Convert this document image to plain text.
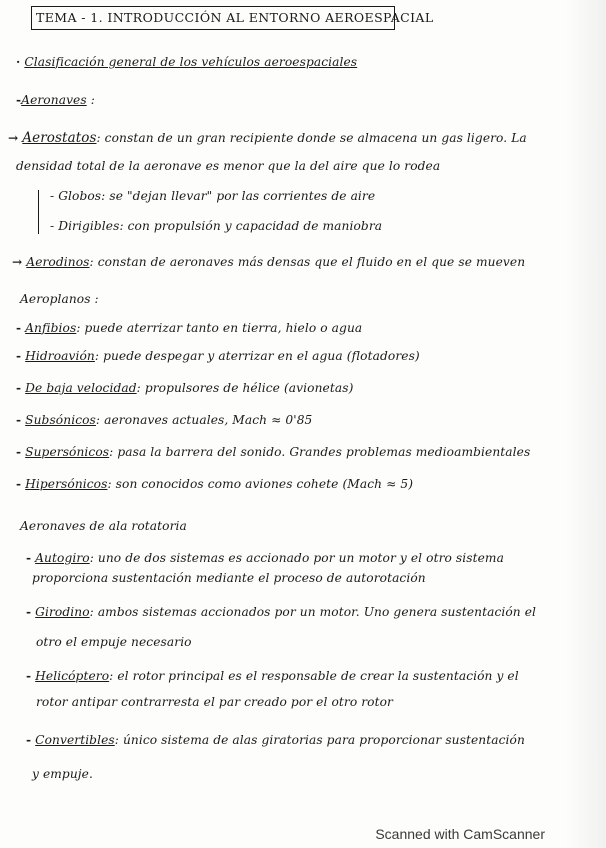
TEMA - 1. INTRODUCCIÓN AL ENTORNO AEROESPACIAL
· Clasificación general de los vehículos aeroespaciales
-Aeronaves :
→ Aerostatos: constan de un gran recipiente donde se almacena un gas ligero. La
densidad total de la aeronave es menor que la del aire que lo rodea
- Globos: se "dejan llevar" por las corrientes de aire
- Dirigibles: con propulsión y capacidad de maniobra
→ Aerodinos: constan de aeronaves más densas que el fluido en el que se mueven
Aeroplanos :
- Anfibios: puede aterrizar tanto en tierra, hielo o agua
- Hidroavión: puede despegar y aterrizar en el agua (flotadores)
- De baja velocidad: propulsores de hélice (avionetas)
- Subsónicos: aeronaves actuales, Mach ≈ 0'85
- Supersónicos: pasa la barrera del sonido. Grandes problemas medioambientales
- Hipersónicos: son conocidos como aviones cohete (Mach ≈ 5)
Aeronaves de ala rotatoria
- Autogiro: uno de dos sistemas es accionado por un motor y el otro sistema
proporciona sustentación mediante el proceso de autorotación
- Girodino: ambos sistemas accionados por un motor. Uno genera sustentación el
otro el empuje necesario
- Helicóptero: el rotor principal es el responsable de crear la sustentación y el
rotor antipar contrarresta el par creado por el otro rotor
- Convertibles: único sistema de alas giratorias para proporcionar sustentación
y empuje.
Scanned with CamScanner
